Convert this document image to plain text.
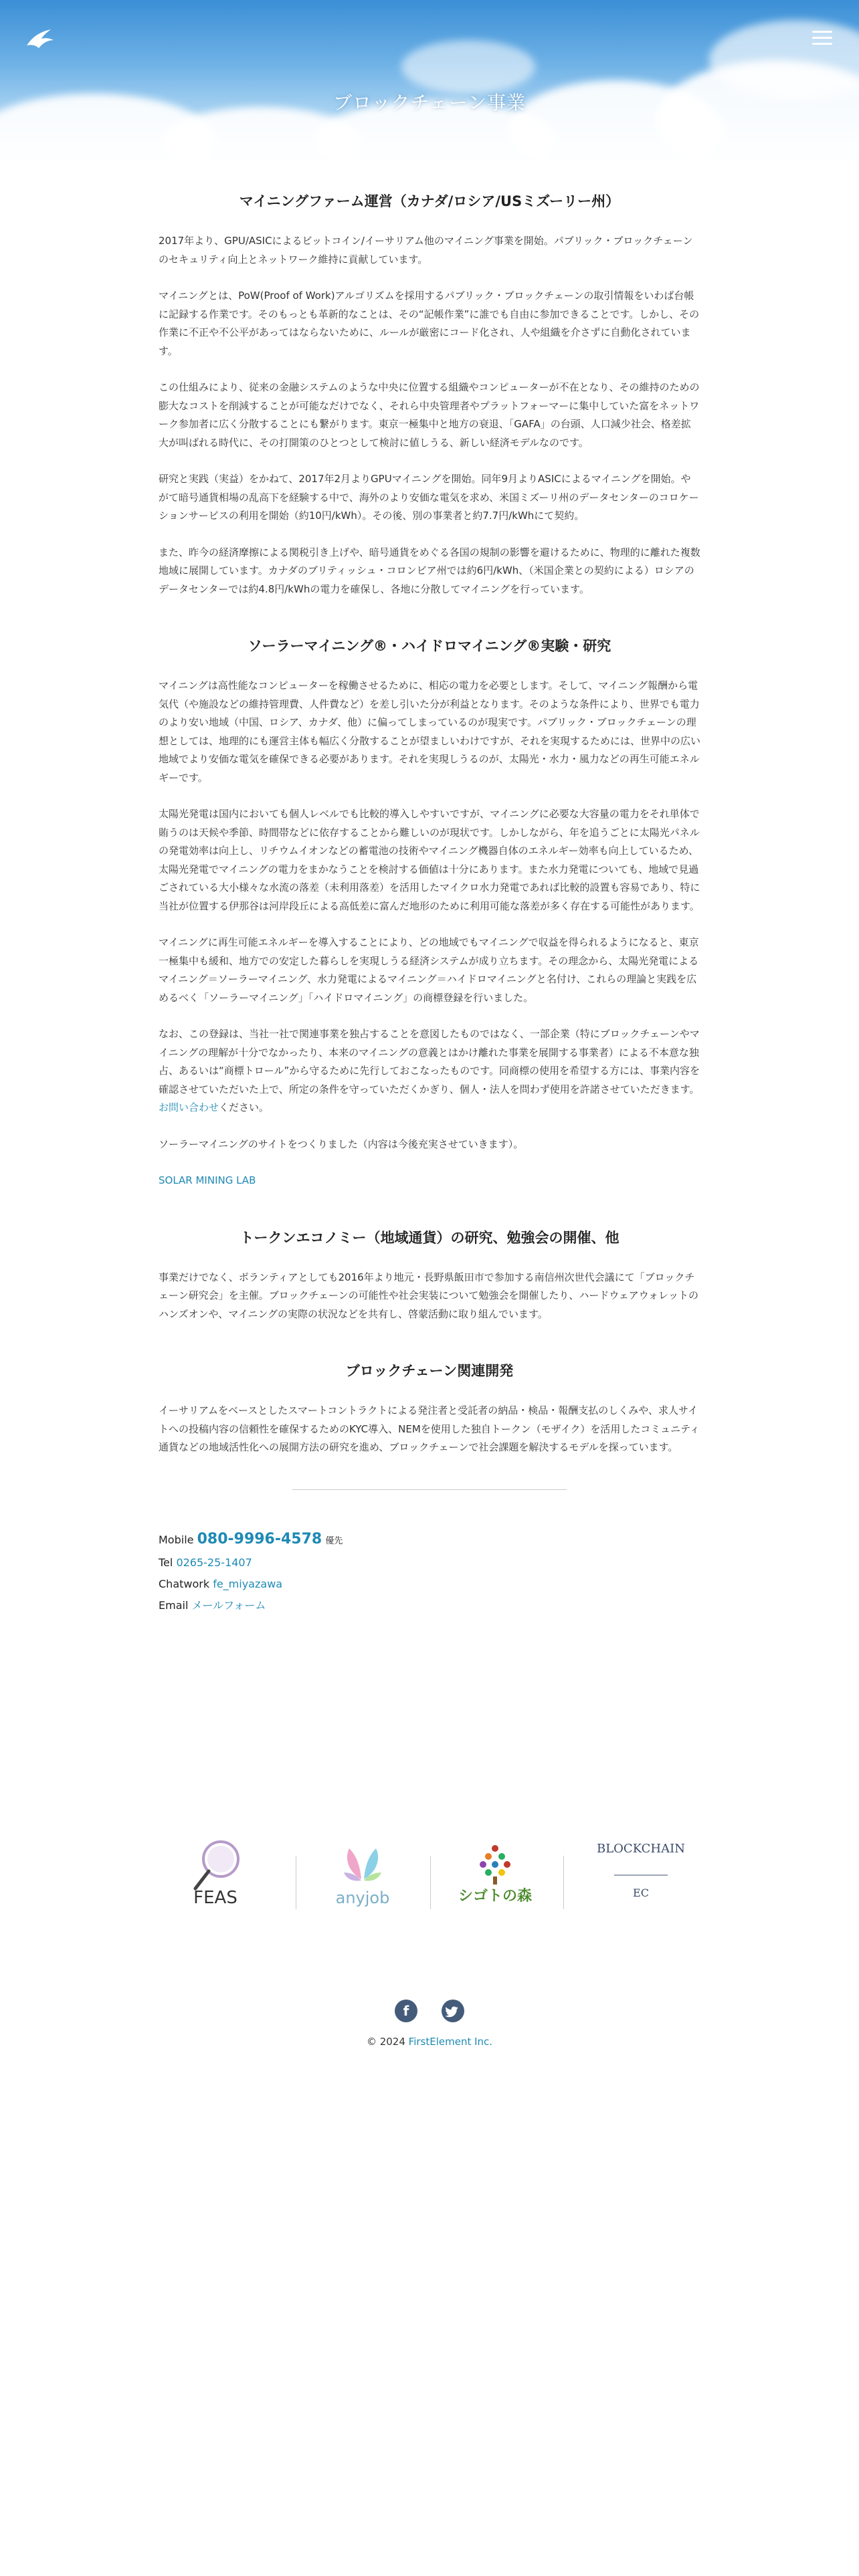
ブロックチェーン事業
マイニングファーム運営（カナダ/ロシア/USミズーリー州）

2017年より、GPU/ASICによるビットコイン/イーサリアム他のマイニング事業を開始。パブリック・ブロックチェーンのセキュリティ向上とネットワーク維持に貢献しています。

マイニングとは、PoW(Proof of Work)アルゴリズムを採用するパブリック・ブロックチェーンの取引情報をいわば台帳に記録する作業です。そのもっとも革新的なことは、その“記帳作業”に誰でも自由に参加できることです。しかし、その作業に不正や不公平があってはならないために、ルールが厳密にコード化され、人や組織を介さずに自動化されています。

この仕組みにより、従来の金融システムのような中央に位置する組織やコンピューターが不在となり、その維持のための膨大なコストを削減することが可能なだけでなく、それら中央管理者やプラットフォーマーに集中していた富をネットワーク参加者に広く分散することにも繋がります。東京一極集中と地方の衰退、「GAFA」の台頭、人口減少社会、格差拡大が叫ばれる時代に、その打開策のひとつとして検討に値しうる、新しい経済モデルなのです。

研究と実践（実益）をかねて、2017年2月よりGPUマイニングを開始。同年9月よりASICによるマイニングを開始。やがて暗号通貨相場の乱高下を経験する中で、海外のより安価な電気を求め、米国ミズーリ州のデータセンターのコロケーションサービスの利用を開始（約10円/kWh）。その後、別の事業者と約7.7円/kWhにて契約。

また、昨今の経済摩擦による関税引き上げや、暗号通貨をめぐる各国の規制の影響を避けるために、物理的に離れた複数地域に展開しています。カナダのブリティッシュ・コロンビア州では約6円/kWh、（米国企業との契約による）ロシアのデータセンターでは約4.8円/kWhの電力を確保し、各地に分散してマイニングを行っています。

ソーラーマイニング®・ハイドロマイニング®実験・研究

マイニングは高性能なコンピューターを稼働させるために、相応の電力を必要とします。そして、マイニング報酬から電気代（や施設などの維持管理費、人件費など）を差し引いた分が利益となります。そのような条件により、世界でも電力のより安い地域（中国、ロシア、カナダ、他）に偏ってしまっているのが現実です。パブリック・ブロックチェーンの理想としては、地理的にも運営主体も幅広く分散することが望ましいわけですが、それを実現するためには、世界中の広い地域でより安価な電気を確保できる必要があります。それを実現しうるのが、太陽光・水力・風力などの再生可能エネルギーです。

太陽光発電は国内においても個人レベルでも比較的導入しやすいですが、マイニングに必要な大容量の電力をそれ単体で賄うのは天候や季節、時間帯などに依存することから難しいのが現状です。しかしながら、年を追うごとに太陽光パネルの発電効率は向上し、リチウムイオンなどの蓄電池の技術やマイニング機器自体のエネルギー効率も向上しているため、太陽光発電でマイニングの電力をまかなうことを検討する価値は十分にあります。また水力発電についても、地域で見過ごされている大小様々な水流の落差（未利用落差）を活用したマイクロ水力発電であれば比較的設置も容易であり、特に当社が位置する伊那谷は河岸段丘による高低差に富んだ地形のために利用可能な落差が多く存在する可能性があります。

マイニングに再生可能エネルギーを導入することにより、どの地域でもマイニングで収益を得られるようになると、東京一極集中も緩和、地方での安定した暮らしを実現しうる経済システムが成り立ちます。その理念から、太陽光発電によるマイニング＝ソーラーマイニング、水力発電によるマイニング＝ハイドロマイニングと名付け、これらの理論と実践を広めるべく「ソーラーマイニング」「ハイドロマイニング」の商標登録を行いました。

なお、この登録は、当社一社で関連事業を独占することを意図したものではなく、一部企業（特にブロックチェーンやマイニングの理解が十分でなかったり、本来のマイニングの意義とはかけ離れた事業を展開する事業者）による不本意な独占、あるいは“商標トロール”から守るために先行しておこなったものです。同商標の使用を希望する方には、事業内容を確認させていただいた上で、所定の条件を守っていただくかぎり、個人・法人を問わず使用を許諾させていただきます。お問い合わせください。

ソーラーマイニングのサイトをつくりました（内容は今後充実させていきます）。

SOLAR MINING LAB

トークンエコノミー（地域通貨）の研究、勉強会の開催、他

事業だけでなく、ボランティアとしても2016年より地元・長野県飯田市で参加する南信州次世代会議にて「ブロックチェーン研究会」を主催。ブロックチェーンの可能性や社会実装について勉強会を開催したり、ハードウェアウォレットのハンズオンや、マイニングの実際の状況などを共有し、啓蒙活動に取り組んでいます。

ブロックチェーン関連開発

イーサリアムをベースとしたスマートコントラクトによる発注者と受託者の納品・検品・報酬支払のしくみや、求人サイトへの投稿内容の信頼性を確保するためのKYC導入、NEMを使用した独自トークン（モザイク）を活用したコミュニティ通貨などの地域活性化への展開方法の研究を進め、ブロックチェーンで社会課題を解決するモデルを探っています。

Mobile 080-9996-4578 優先
Tel 0265-25-1407
Chatwork fe_miyazawa
Email メールフォーム
FEAS	anyjob	シゴトの森
BLOCKCHAIN
EC
f
© 2024 FirstElement Inc.
